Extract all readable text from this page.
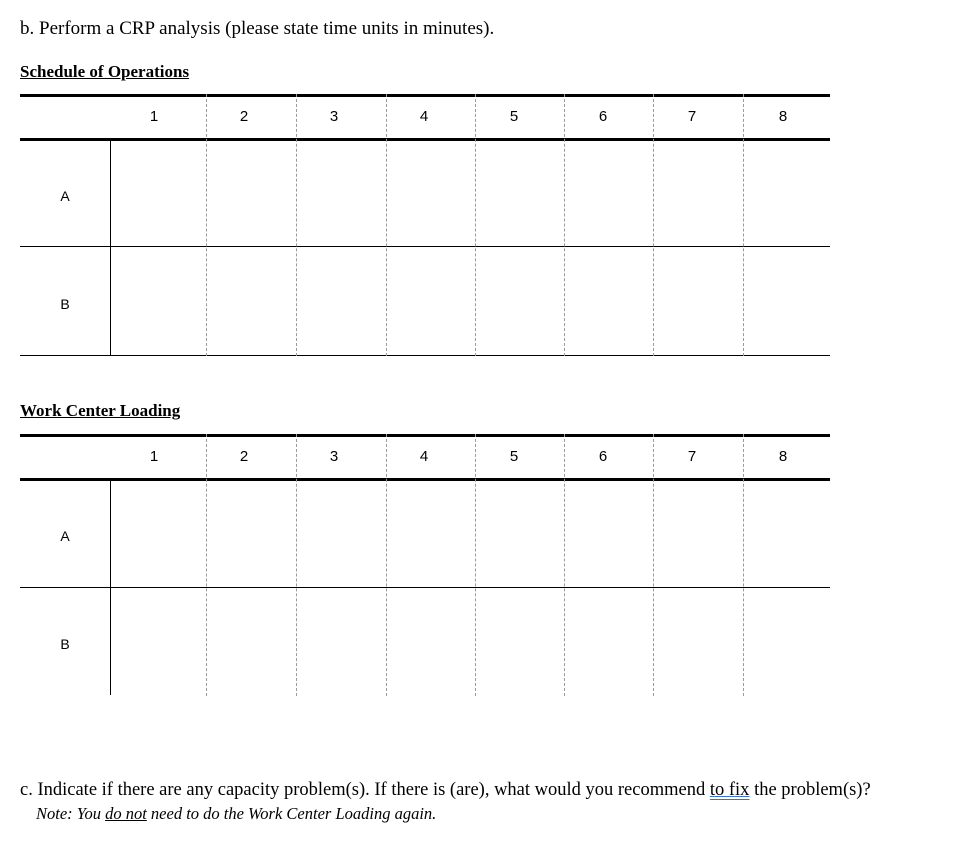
b. Perform a CRP analysis (please state time units in minutes).
Schedule of Operations
1	2	3	4	5	6	7	8
A
B
Work Center Loading
1	2	3	4	5	6	7	8
A
B
c. Indicate if there are any capacity problem(s). If there is (are), what would you recommend to fix the problem(s)?
Note: You do not need to do the Work Center Loading again.
